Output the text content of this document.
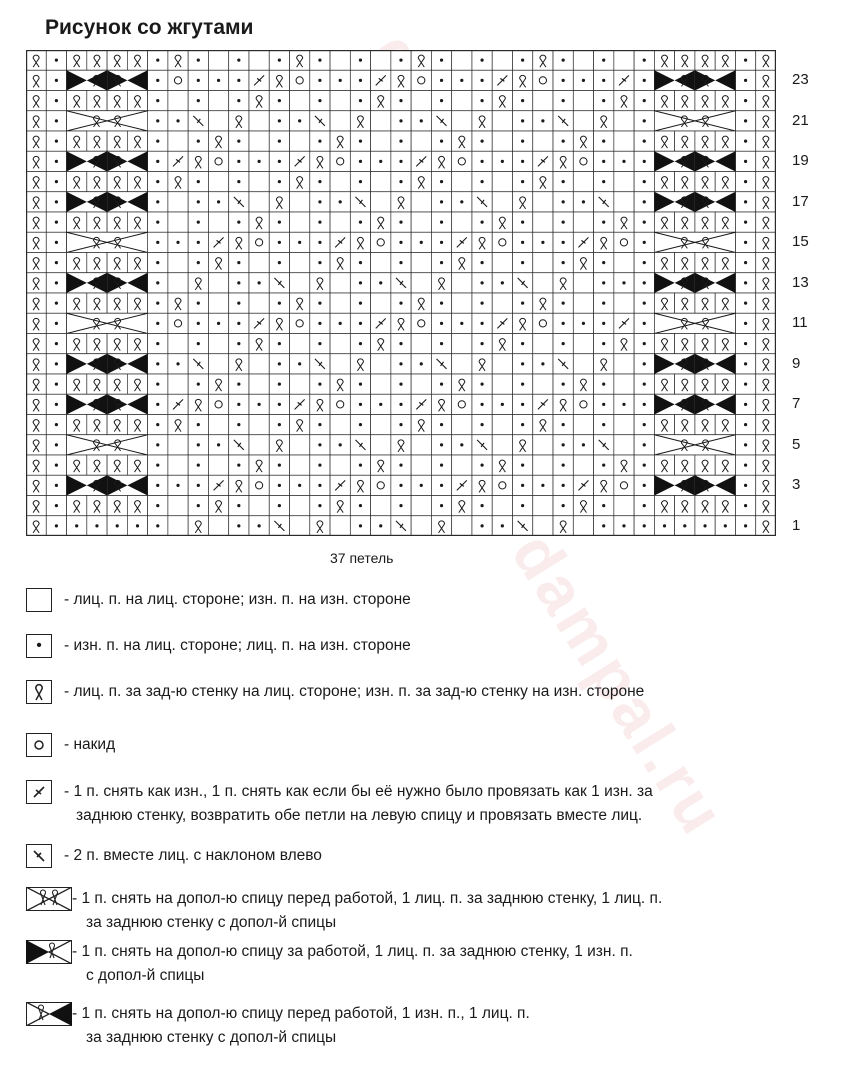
dampal.ru
Рисунок со жгутами
23
21
19
17
15
13
11
9
7
5
3
1
37 петель
- лиц. п. на лиц. стороне; изн. п. на изн. стороне
•	- изн. п. на лиц. стороне; лиц. п. на изн. стороне
- лиц. п. за зад-ю стенку на лиц. стороне; изн. п. за зад-ю стенку на изн. стороне
- накид
- 1 п. снять как изн., 1 п. снять как если бы её нужно было провязать как 1 изн. за
заднюю стенку, возвратить обе петли на левую спицу и провязать вместе лиц.
- 2 п. вместе лиц. с наклоном влево
- 1 п. снять на допол-ю спицу перед работой, 1 лиц. п. за заднюю стенку, 1 лиц. п.
за заднюю стенку с допол-й спицы
- 1 п. снять на допол-ю спицу за работой, 1 лиц. п. за заднюю стенку, 1 изн. п.
с допол-й спицы
- 1 п. снять на допол-ю спицу перед работой, 1 изн. п., 1 лиц. п.
за заднюю стенку с допол-й спицы
